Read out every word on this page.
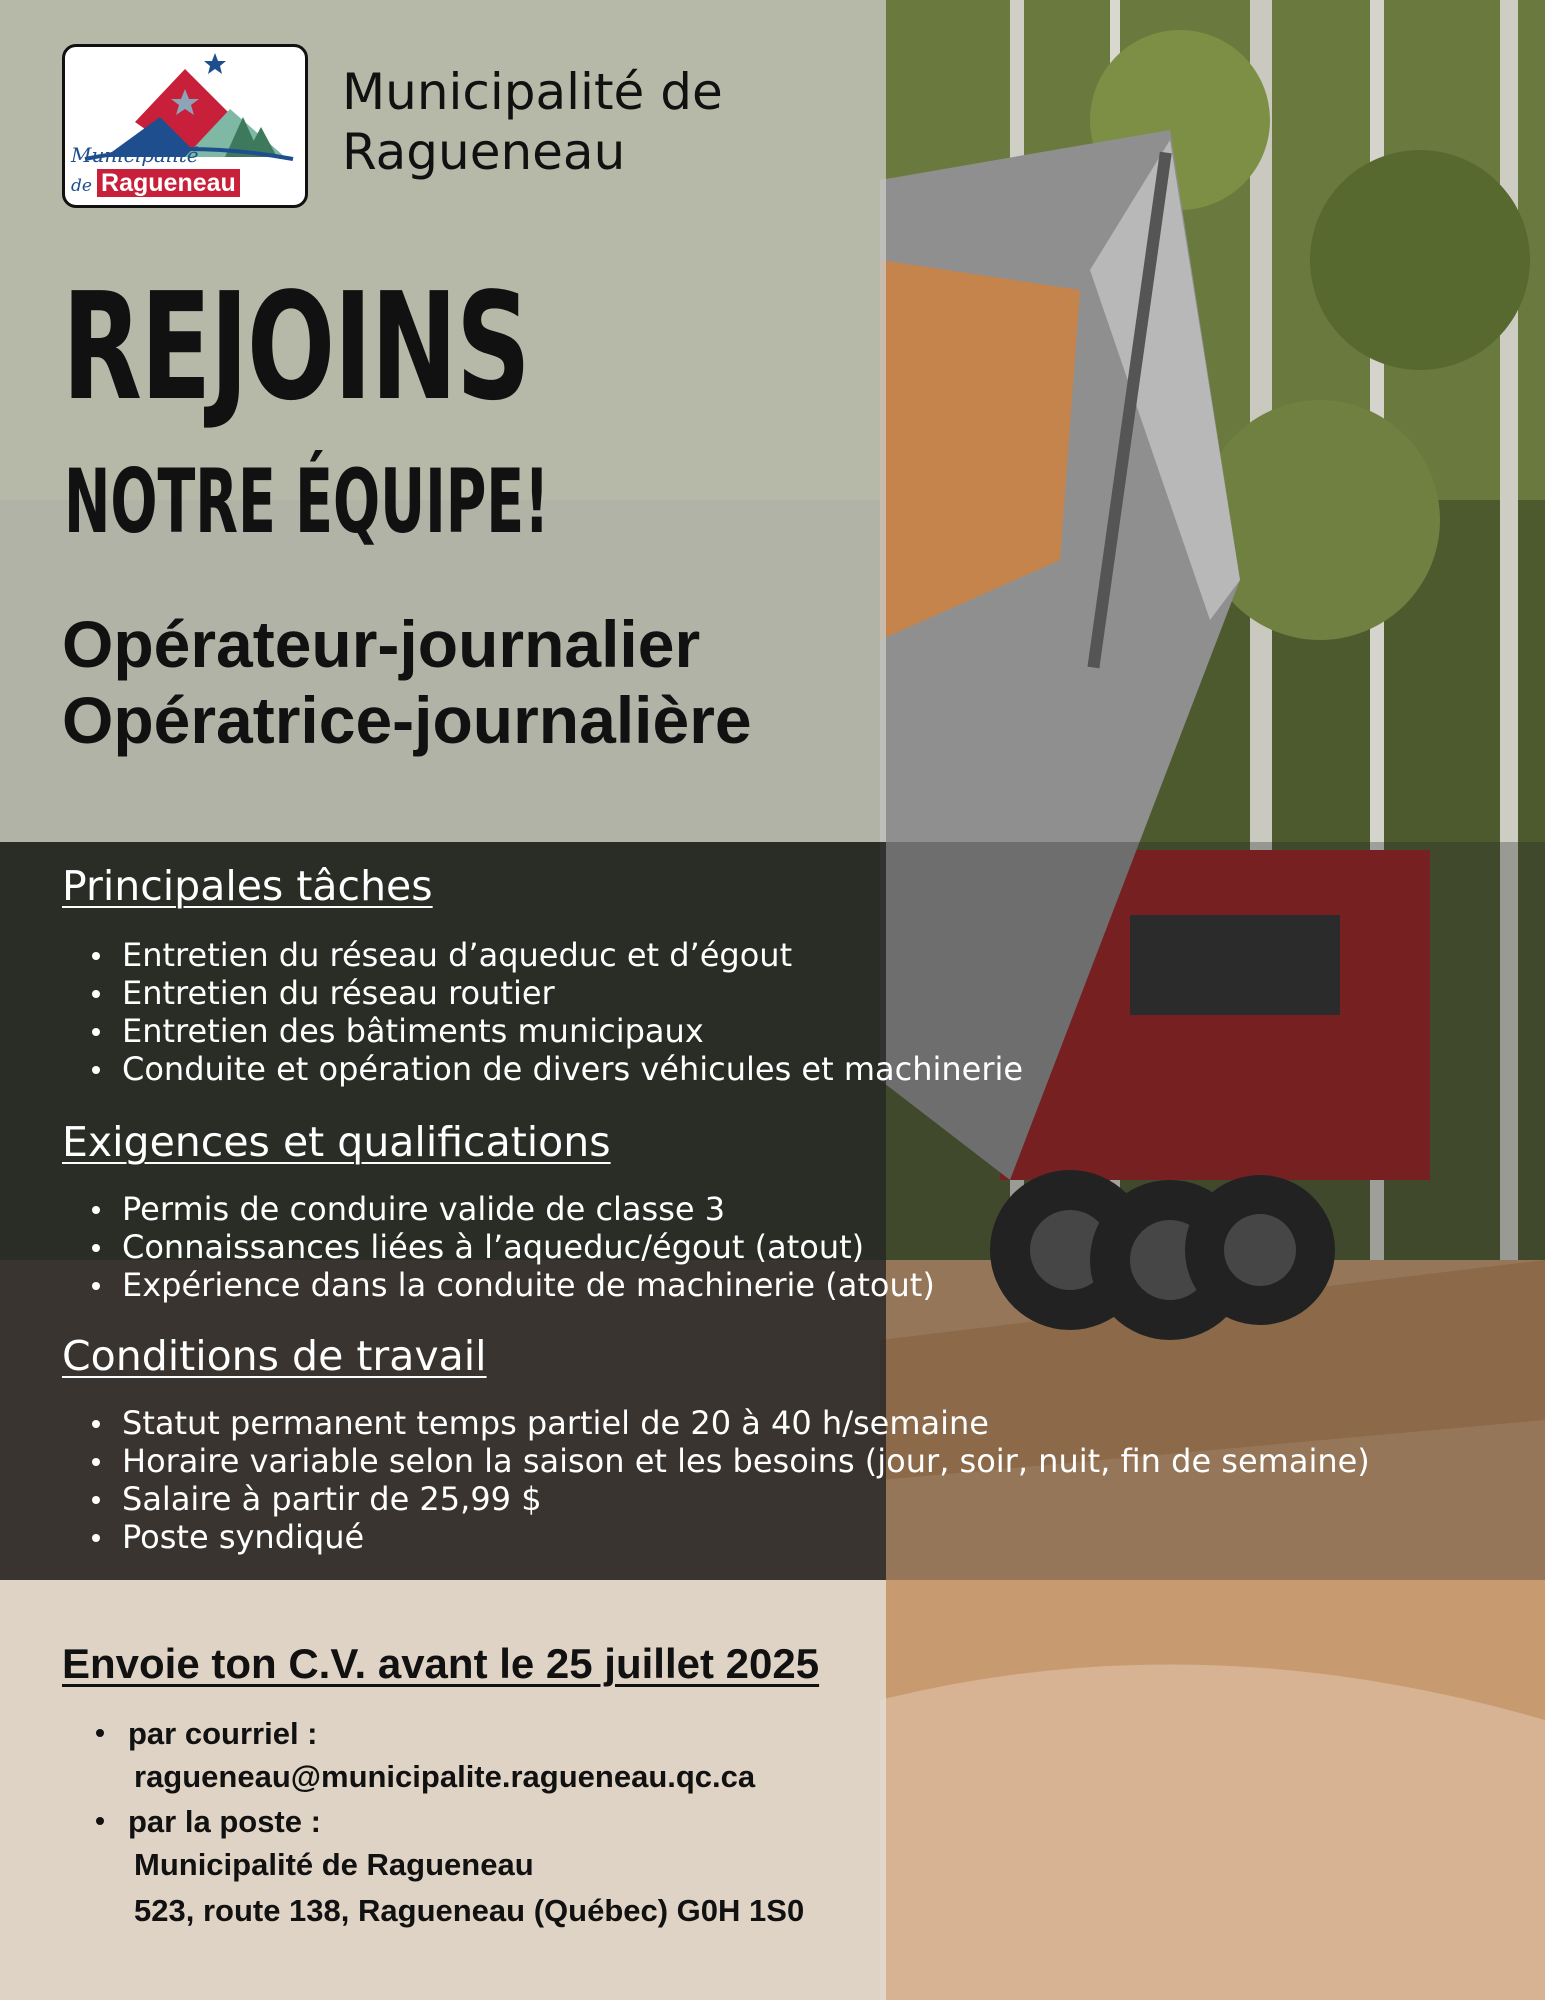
Municipalité
de Ragueneau
Municipalité de
Ragueneau
REJOINS
NOTRE ÉQUIPE!
Opérateur-journalier
Opératrice-journalière
Principales tâches
Entretien du réseau d’aqueduc et d’égout
Entretien du réseau routier
Entretien des bâtiments municipaux
Conduite et opération de divers véhicules et machinerie
Exigences et qualifications
Permis de conduire valide de classe 3
Connaissances liées à l’aqueduc/égout (atout)
Expérience dans la conduite de machinerie (atout)
Conditions de travail
Statut permanent temps partiel de 20 à 40 h/semaine
Horaire variable selon la saison et les besoins (jour, soir, nuit, fin de semaine)
Salaire à partir de 25,99 $
Poste syndiqué
Envoie ton C.V. avant le 25 juillet 2025
par courriel :
ragueneau@municipalite.ragueneau.qc.ca
par la poste :
Municipalité de Ragueneau
523, route 138, Ragueneau (Québec) G0H 1S0
